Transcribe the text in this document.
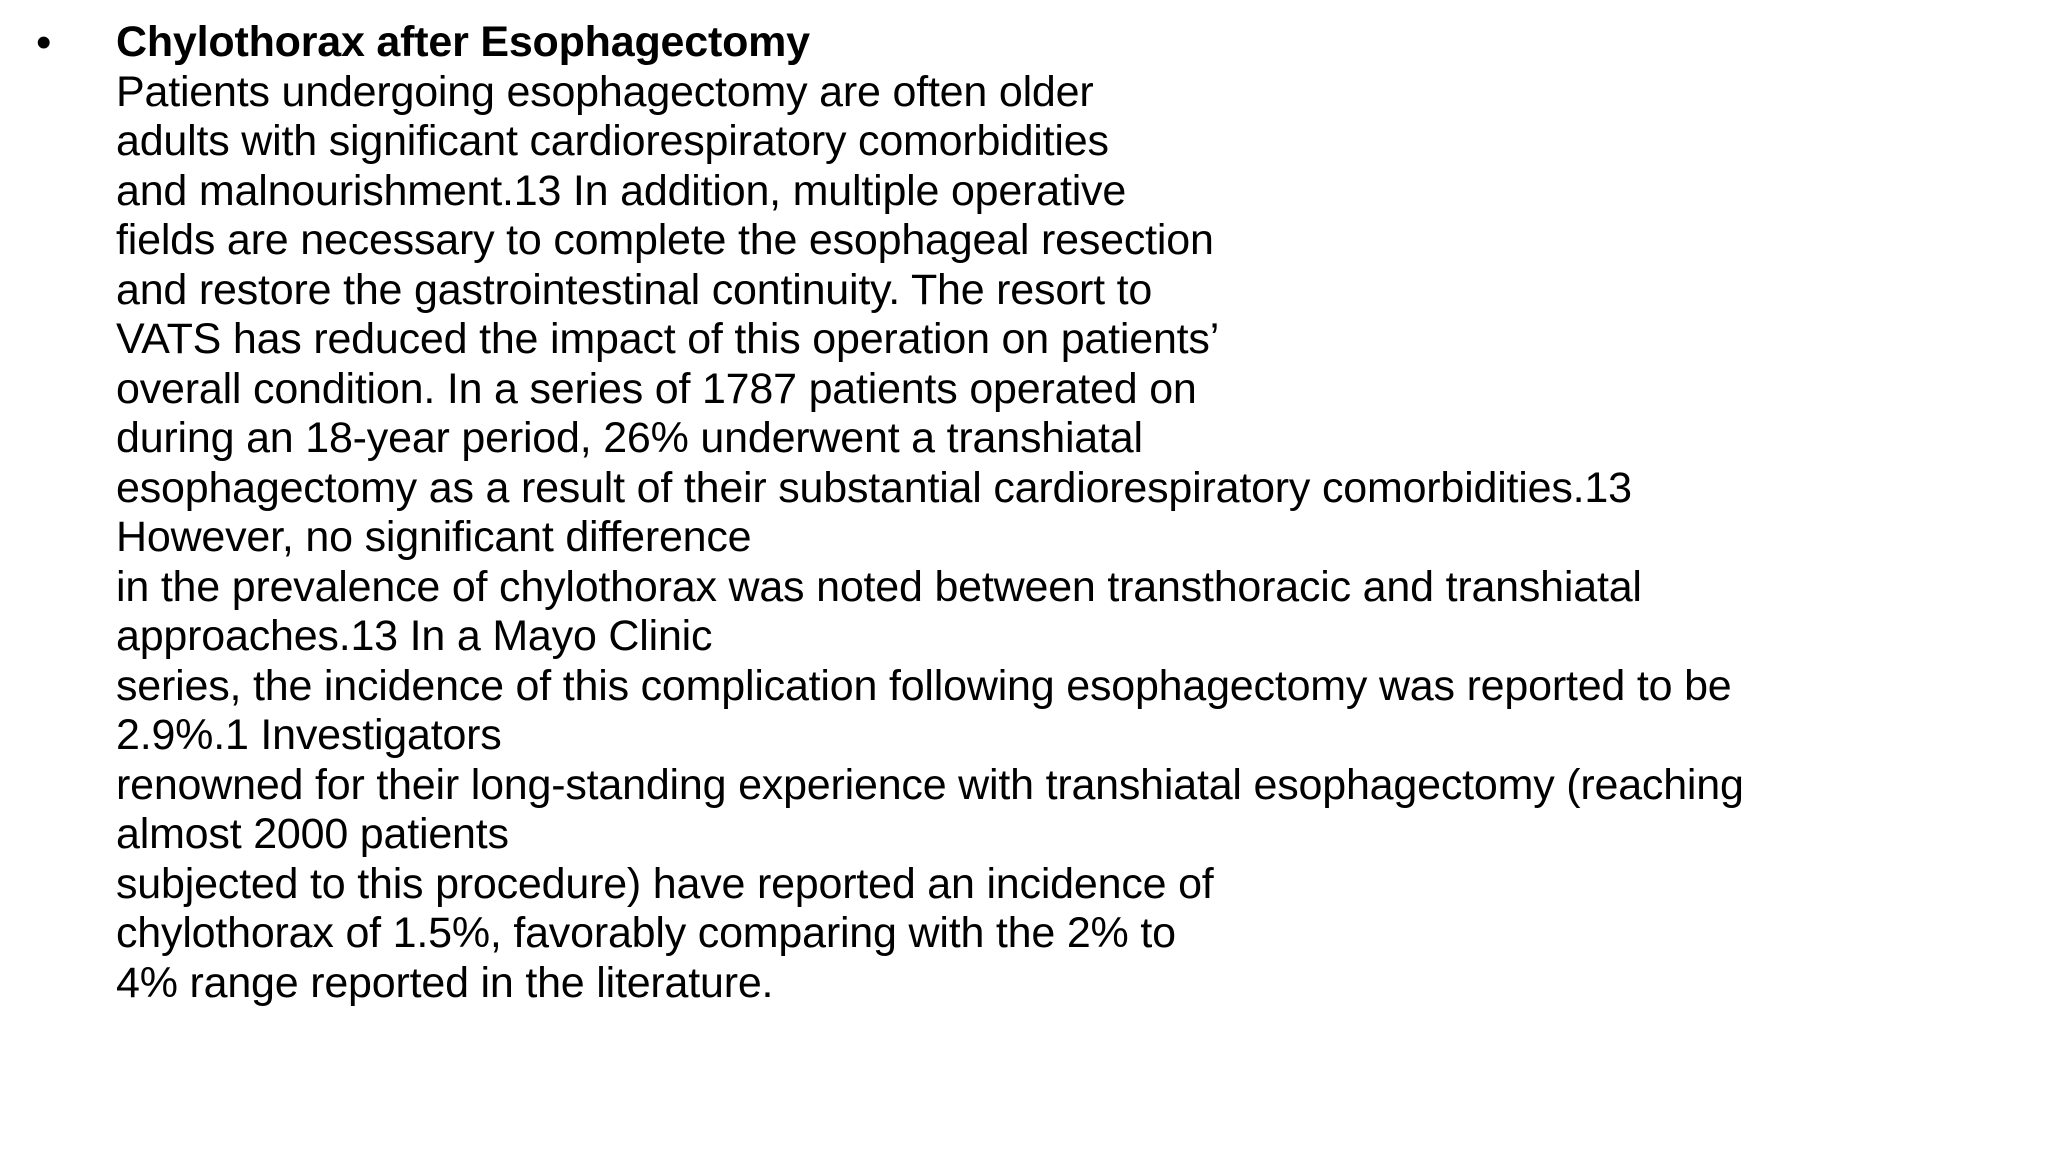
• Chylothorax after Esophagectomy
Patients undergoing esophagectomy are often older
adults with significant cardiorespiratory comorbidities
and malnourishment.13 In addition, multiple operative
fields are necessary to complete the esophageal resection
and restore the gastrointestinal continuity. The resort to
VATS has reduced the impact of this operation on patients’
overall condition. In a series of 1787 patients operated on
during an 18-year period, 26% underwent a transhiatal
esophagectomy as a result of their substantial cardiorespiratory comorbidities.13
However, no significant difference
in the prevalence of chylothorax was noted between transthoracic and transhiatal
approaches.13 In a Mayo Clinic
series, the incidence of this complication following esophagectomy was reported to be
2.9%.1 Investigators
renowned for their long-standing experience with transhiatal esophagectomy (reaching
almost 2000 patients
subjected to this procedure) have reported an incidence of
chylothorax of 1.5%, favorably comparing with the 2% to
4% range reported in the literature.
